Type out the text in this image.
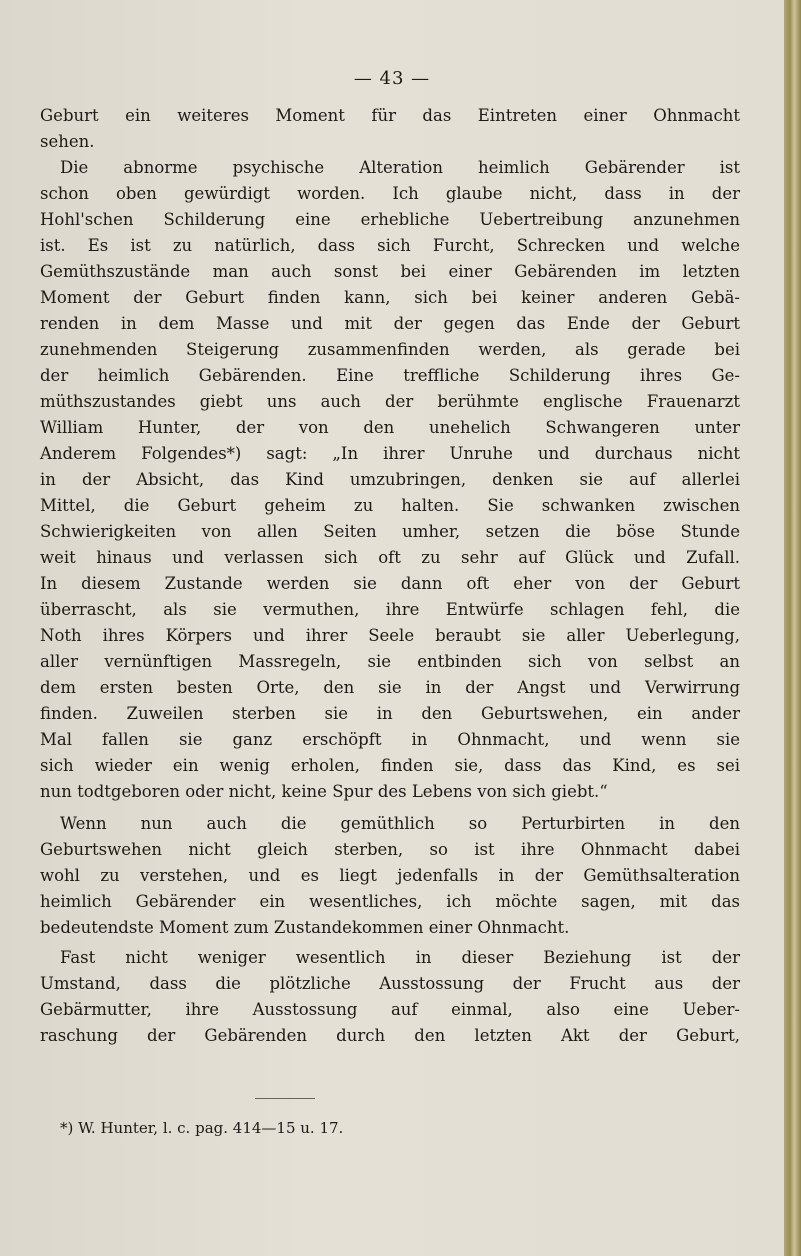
— 43 —
Geburt ein weiteres Moment für das Eintreten einer Ohnmacht
sehen.
Die abnorme psychische Alteration heimlich Gebärender ist
schon oben gewürdigt worden. Ich glaube nicht, dass in der
Hohl'schen Schilderung eine erhebliche Uebertreibung anzunehmen
ist. Es ist zu natürlich, dass sich Furcht, Schrecken und welche
Gemüthszustände man auch sonst bei einer Gebärenden im letzten
Moment der Geburt finden kann, sich bei keiner anderen Gebä-
renden in dem Masse und mit der gegen das Ende der Geburt
zunehmenden Steigerung zusammenfinden werden, als gerade bei
der heimlich Gebärenden. Eine treffliche Schilderung ihres Ge-
müthszustandes giebt uns auch der berühmte englische Frauenarzt
William Hunter, der von den unehelich Schwangeren unter
Anderem Folgendes*) sagt: „In ihrer Unruhe und durchaus nicht
in der Absicht, das Kind umzubringen, denken sie auf allerlei
Mittel, die Geburt geheim zu halten. Sie schwanken zwischen
Schwierigkeiten von allen Seiten umher, setzen die böse Stunde
weit hinaus und verlassen sich oft zu sehr auf Glück und Zufall.
In diesem Zustande werden sie dann oft eher von der Geburt
überrascht, als sie vermuthen, ihre Entwürfe schlagen fehl, die
Noth ihres Körpers und ihrer Seele beraubt sie aller Ueberlegung,
aller vernünftigen Massregeln, sie entbinden sich von selbst an
dem ersten besten Orte, den sie in der Angst und Verwirrung
finden. Zuweilen sterben sie in den Geburtswehen, ein ander
Mal fallen sie ganz erschöpft in Ohnmacht, und wenn sie
sich wieder ein wenig erholen, finden sie, dass das Kind, es sei
nun todtgeboren oder nicht, keine Spur des Lebens von sich giebt.“
Wenn nun auch die gemüthlich so Perturbirten in den
Geburtswehen nicht gleich sterben, so ist ihre Ohnmacht dabei
wohl zu verstehen, und es liegt jedenfalls in der Gemüthsalteration
heimlich Gebärender ein wesentliches, ich möchte sagen, mit das
bedeutendste Moment zum Zustandekommen einer Ohnmacht.
Fast nicht weniger wesentlich in dieser Beziehung ist der
Umstand, dass die plötzliche Ausstossung der Frucht aus der
Gebärmutter, ihre Ausstossung auf einmal, also eine Ueber-
raschung der Gebärenden durch den letzten Akt der Geburt,
*) W. Hunter, l. c. pag. 414—15 u. 17.
